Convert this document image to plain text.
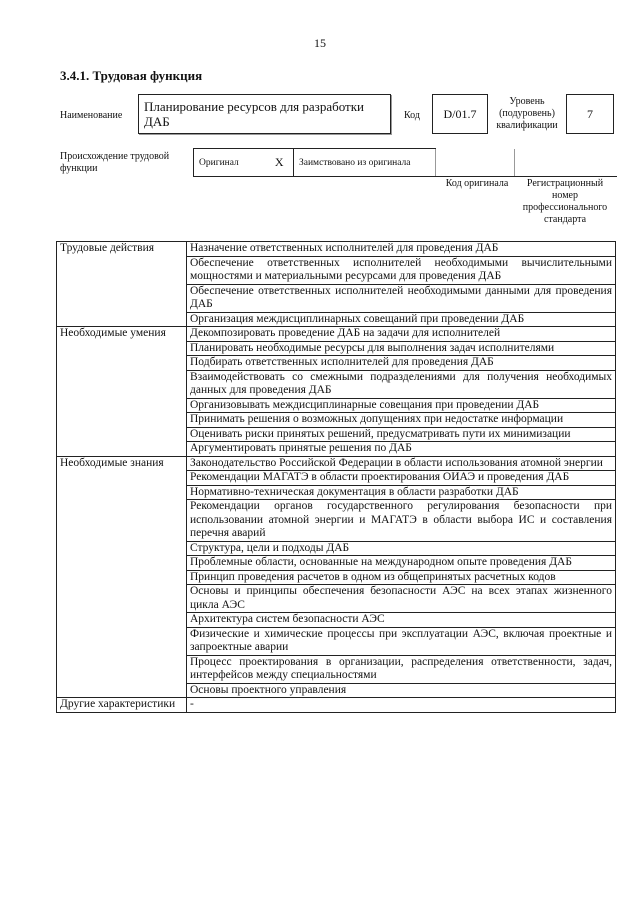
15
3.4.1. Трудовая функция
Наименование
Планирование ресурсов для разработки ДАБ	Код	D/01.7
Уровень (подуровень) квалификации
7
Происхождение трудовой функции
Оригинал	X	Заимствовано из оригинала		
Код оригинала	Регистрационный номер профессионального стандарта
Трудовые действия	Назначение ответственных исполнителей для проведения ДАБ
	Обеспечение ответственных исполнителей необходимыми вычислительными мощностями и материальными ресурсами для проведения ДАБ
	Обеспечение ответственных исполнителей необходимыми данными для проведения ДАБ
	Организация междисциплинарных совещаний при проведении ДАБ
Необходимые умения	Декомпозировать проведение ДАБ на задачи для исполнителей
	Планировать необходимые ресурсы для выполнения задач исполнителями
	Подбирать ответственных исполнителей для проведения ДАБ
	Взаимодействовать со смежными подразделениями для получения необходимых данных для проведения ДАБ
	Организовывать междисциплинарные совещания при проведении ДАБ
	Принимать решения о возможных допущениях при недостатке информации
	Оценивать риски принятых решений, предусматривать пути их минимизации
	Аргументировать принятые решения по ДАБ
Необходимые знания	Законодательство Российской Федерации в области использования атомной энергии
	Рекомендации МАГАТЭ в области проектирования ОИАЭ и проведения ДАБ
	Нормативно-техническая документация в области разработки ДАБ
	Рекомендации органов государственного регулирования безопасности при использовании атомной энергии и МАГАТЭ в области выбора ИС и составления перечня аварий
	Структура, цели и подходы ДАБ
	Проблемные области, основанные на международном опыте проведения ДАБ
	Принцип проведения расчетов в одном из общепринятых расчетных кодов
	Основы и принципы обеспечения безопасности АЭС на всех этапах жизненного цикла АЭС
	Архитектура систем безопасности АЭС
	Физические и химические процессы при эксплуатации АЭС, включая проектные и запроектные аварии
	Процесс проектирования в организации, распределения ответственности, задач, интерфейсов между специальностями
	Основы проектного управления
Другие характеристики	-
